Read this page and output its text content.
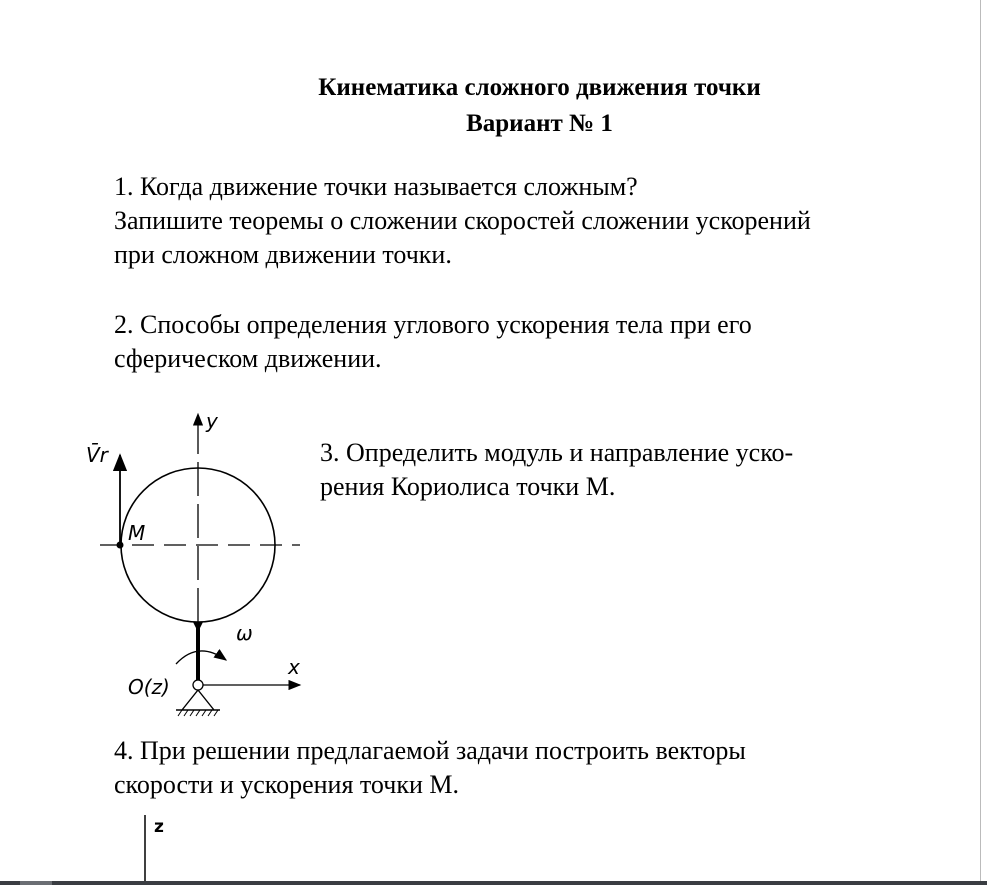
Кинематика сложного движения точки
Вариант № 1
1. Когда движение точки называется сложным?
Запишите теоремы о сложении скоростей сложении ускорений
при сложном движении точки.
2. Способы определения углового ускорения тела при его
сферическом движении.
3. Определить модуль и направление уско-
рения Кориолиса точки М.
4. При решении предлагаемой задачи построить векторы
скорости и ускорения точки М.
y
x
V̄r
M
ω
O(z)
z
